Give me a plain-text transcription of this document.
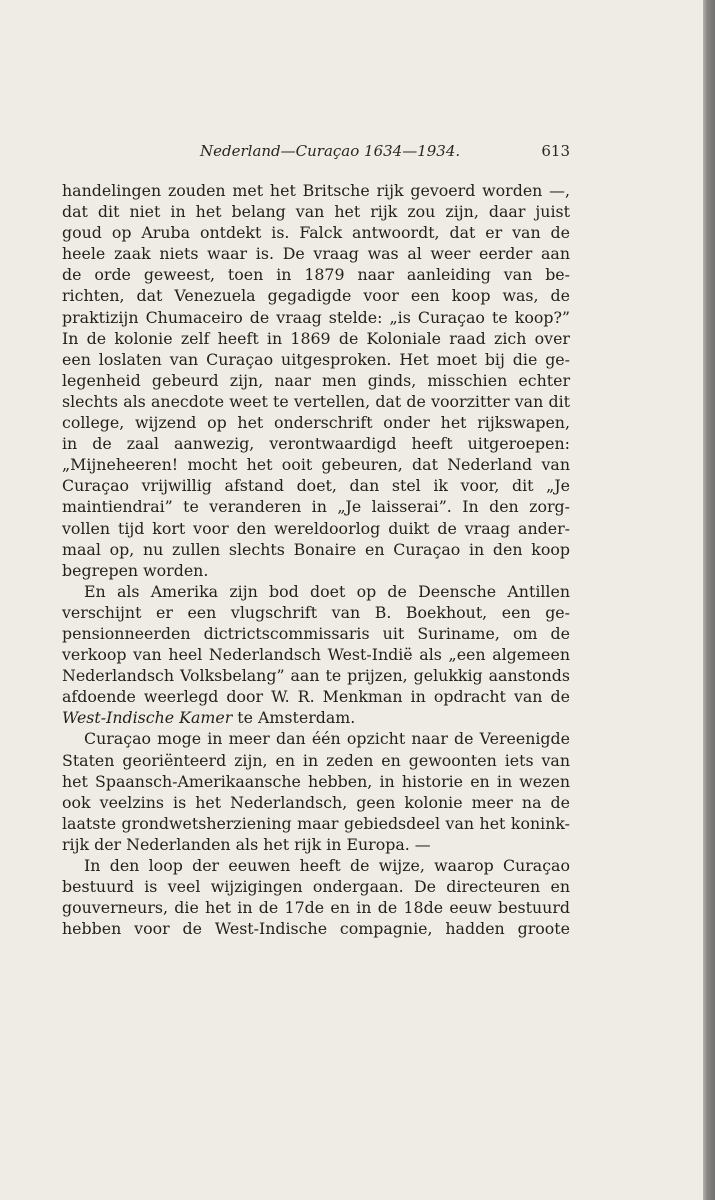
Nederland—Curaçao 1634—1934.	613
handelingen zouden met het Britsche rijk gevoerd worden —,
dat dit niet in het belang van het rijk zou zijn, daar juist
goud op Aruba ontdekt is. Falck antwoordt, dat er van de
heele zaak niets waar is. De vraag was al weer eerder aan
de orde geweest, toen in 1879 naar aanleiding van be-
richten, dat Venezuela gegadigde voor een koop was, de
praktizijn Chumaceiro de vraag stelde: „is Curaçao te koop?”
In de kolonie zelf heeft in 1869 de Koloniale raad zich over
een loslaten van Curaçao uitgesproken. Het moet bij die ge-
legenheid gebeurd zijn, naar men ginds, misschien echter
slechts als anecdote weet te vertellen, dat de voorzitter van dit
college, wijzend op het onderschrift onder het rijkswapen,
in de zaal aanwezig, verontwaardigd heeft uitgeroepen:
„Mijneheeren! mocht het ooit gebeuren, dat Nederland van
Curaçao vrijwillig afstand doet, dan stel ik voor, dit „Je
maintiendrai” te veranderen in „Je laisserai”. In den zorg-
vollen tijd kort voor den wereldoorlog duikt de vraag ander-
maal op, nu zullen slechts Bonaire en Curaçao in den koop
begrepen worden.
En als Amerika zijn bod doet op de Deensche Antillen
verschijnt er een vlugschrift van B. Boekhout, een ge-
pensionneerden dictrictscommissaris uit Suriname, om de
verkoop van heel Nederlandsch West-Indië als „een algemeen
Nederlandsch Volksbelang” aan te prijzen, gelukkig aanstonds
afdoende weerlegd door W. R. Menkman in opdracht van de
West-Indische Kamer te Amsterdam.
Curaçao moge in meer dan één opzicht naar de Vereenigde
Staten georiënteerd zijn, en in zeden en gewoonten iets van
het Spaansch-Amerikaansche hebben, in historie en in wezen
ook veelzins is het Nederlandsch, geen kolonie meer na de
laatste grondwetsherziening maar gebiedsdeel van het konink-
rijk der Nederlanden als het rijk in Europa. —
In den loop der eeuwen heeft de wijze, waarop Curaçao
bestuurd is veel wijzigingen ondergaan. De directeuren en
gouverneurs, die het in de 17de en in de 18de eeuw bestuurd
hebben voor de West-Indische compagnie, hadden groote
